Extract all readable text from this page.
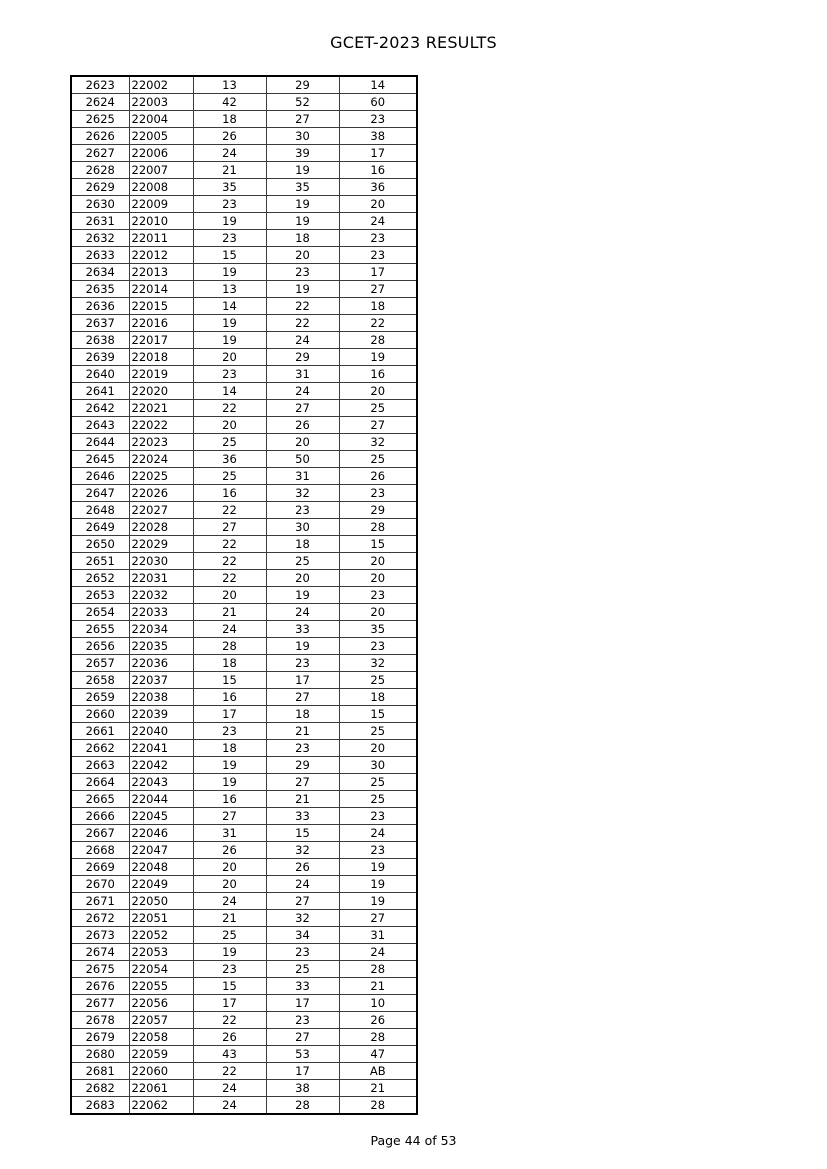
GCET-2023 RESULTS
2623	22002	13	29	14
2624	22003	42	52	60
2625	22004	18	27	23
2626	22005	26	30	38
2627	22006	24	39	17
2628	22007	21	19	16
2629	22008	35	35	36
2630	22009	23	19	20
2631	22010	19	19	24
2632	22011	23	18	23
2633	22012	15	20	23
2634	22013	19	23	17
2635	22014	13	19	27
2636	22015	14	22	18
2637	22016	19	22	22
2638	22017	19	24	28
2639	22018	20	29	19
2640	22019	23	31	16
2641	22020	14	24	20
2642	22021	22	27	25
2643	22022	20	26	27
2644	22023	25	20	32
2645	22024	36	50	25
2646	22025	25	31	26
2647	22026	16	32	23
2648	22027	22	23	29
2649	22028	27	30	28
2650	22029	22	18	15
2651	22030	22	25	20
2652	22031	22	20	20
2653	22032	20	19	23
2654	22033	21	24	20
2655	22034	24	33	35
2656	22035	28	19	23
2657	22036	18	23	32
2658	22037	15	17	25
2659	22038	16	27	18
2660	22039	17	18	15
2661	22040	23	21	25
2662	22041	18	23	20
2663	22042	19	29	30
2664	22043	19	27	25
2665	22044	16	21	25
2666	22045	27	33	23
2667	22046	31	15	24
2668	22047	26	32	23
2669	22048	20	26	19
2670	22049	20	24	19
2671	22050	24	27	19
2672	22051	21	32	27
2673	22052	25	34	31
2674	22053	19	23	24
2675	22054	23	25	28
2676	22055	15	33	21
2677	22056	17	17	10
2678	22057	22	23	26
2679	22058	26	27	28
2680	22059	43	53	47
2681	22060	22	17	AB
2682	22061	24	38	21
2683	22062	24	28	28
Page 44 of 53
